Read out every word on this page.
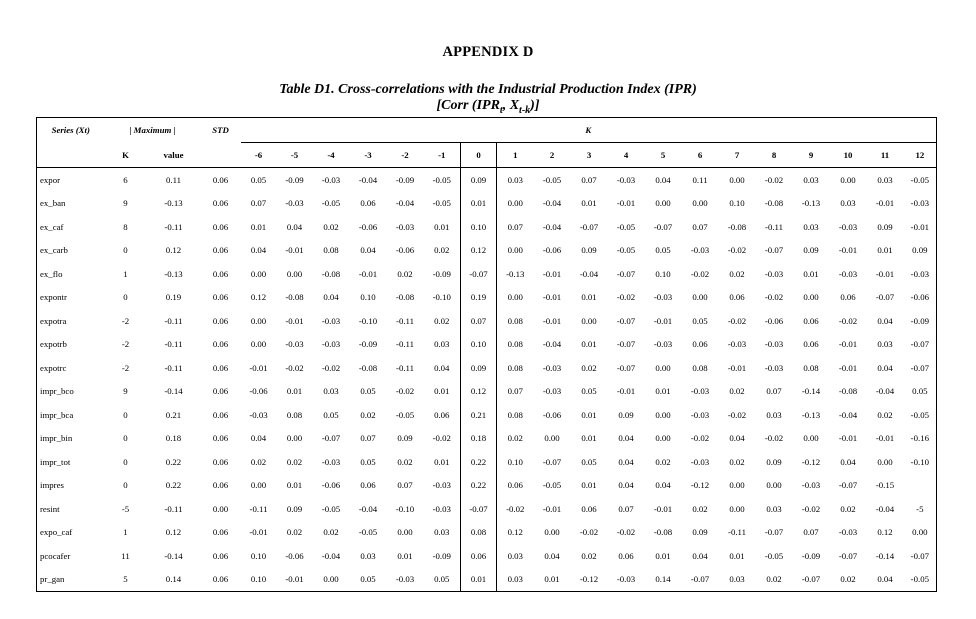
APPENDIX D
Table D1. Cross-correlations with the Industrial Production Index (IPR)
[Corr ($IPR_t$, $X_{t-k}$)]
Series (Xt)	| Maximum |		STD	K																		
	K	value		-6	-5	-4	-3	-2	-1	0	1	2	3	4	5	6	7	8	9	10	11	12
expor	6	0.11	0.06	0.05	-0.09	-0.03	-0.04	-0.09	-0.05	0.09	0.03	-0.05	0.07	-0.03	0.04	0.11	0.00	-0.02	0.03	0.00	0.03	-0.05
ex_ban	9	-0.13	0.06	0.07	-0.03	-0.05	0.06	-0.04	-0.05	0.01	0.00	-0.04	0.01	-0.01	0.00	0.00	0.10	-0.08	-0.13	0.03	-0.01	-0.03
ex_caf	8	-0.11	0.06	0.01	0.04	0.02	-0.06	-0.03	0.01	0.10	0.07	-0.04	-0.07	-0.05	-0.07	0.07	-0.08	-0.11	0.03	-0.03	0.09	-0.01
ex_carb	0	0.12	0.06	0.04	-0.01	0.08	0.04	-0.06	0.02	0.12	0.00	-0.06	0.09	-0.05	0.05	-0.03	-0.02	-0.07	0.09	-0.01	0.01	0.09
ex_flo	1	-0.13	0.06	0.00	0.00	-0.08	-0.01	0.02	-0.09	-0.07	-0.13	-0.01	-0.04	-0.07	0.10	-0.02	0.02	-0.03	0.01	-0.03	-0.01	-0.03
expontr	0	0.19	0.06	0.12	-0.08	0.04	0.10	-0.08	-0.10	0.19	0.00	-0.01	0.01	-0.02	-0.03	0.00	0.06	-0.02	0.00	0.06	-0.07	-0.06
expotra	-2	-0.11	0.06	0.00	-0.01	-0.03	-0.10	-0.11	0.02	0.07	0.08	-0.01	0.00	-0.07	-0.01	0.05	-0.02	-0.06	0.06	-0.02	0.04	-0.09
expotrb	-2	-0.11	0.06	0.00	-0.03	-0.03	-0.09	-0.11	0.03	0.10	0.08	-0.04	0.01	-0.07	-0.03	0.06	-0.03	-0.03	0.06	-0.01	0.03	-0.07
expotrc	-2	-0.11	0.06	-0.01	-0.02	-0.02	-0.08	-0.11	0.04	0.09	0.08	-0.03	0.02	-0.07	0.00	0.08	-0.01	-0.03	0.08	-0.01	0.04	-0.07
impr_bco	9	-0.14	0.06	-0.06	0.01	0.03	0.05	-0.02	0.01	0.12	0.07	-0.03	0.05	-0.01	0.01	-0.03	0.02	0.07	-0.14	-0.08	-0.04	0.05
impr_bca	0	0.21	0.06	-0.03	0.08	0.05	0.02	-0.05	0.06	0.21	0.08	-0.06	0.01	0.09	0.00	-0.03	-0.02	0.03	-0.13	-0.04	0.02	-0.05
impr_bin	0	0.18	0.06	0.04	0.00	-0.07	0.07	0.09	-0.02	0.18	0.02	0.00	0.01	0.04	0.00	-0.02	0.04	-0.02	0.00	-0.01	-0.01	-0.16
impr_tot	0	0.22	0.06	0.02	0.02	-0.03	0.05	0.02	0.01	0.22	0.10	-0.07	0.05	0.04	0.02	-0.03	0.02	0.09	-0.12	0.04	0.00	-0.10
impres	0	0.22	0.06	0.00	0.01	-0.06	0.06	0.07	-0.03	0.22	0.06	-0.05	0.01	0.04	0.04	-0.12	0.00	0.00	-0.03	-0.07	-0.15	
resint	-5	-0.11	0.00	-0.11	0.09	-0.05	-0.04	-0.10	-0.03	-0.07	-0.02	-0.01	0.06	0.07	-0.01	0.02	0.00	0.03	-0.02	0.02	-0.04	-5
expo_caf	1	0.12	0.06	-0.01	0.02	0.02	-0.05	0.00	0.03	0.08	0.12	0.00	-0.02	-0.02	-0.08	0.09	-0.11	-0.07	0.07	-0.03	0.12	0.00
pcocafer	11	-0.14	0.06	0.10	-0.06	-0.04	0.03	0.01	-0.09	0.06	0.03	0.04	0.02	0.06	0.01	0.04	0.01	-0.05	-0.09	-0.07	-0.14	-0.07
pr_gan	5	0.14	0.06	0.10	-0.01	0.00	0.05	-0.03	0.05	0.01	0.03	0.01	-0.12	-0.03	0.14	-0.07	0.03	0.02	-0.07	0.02	0.04	-0.05
